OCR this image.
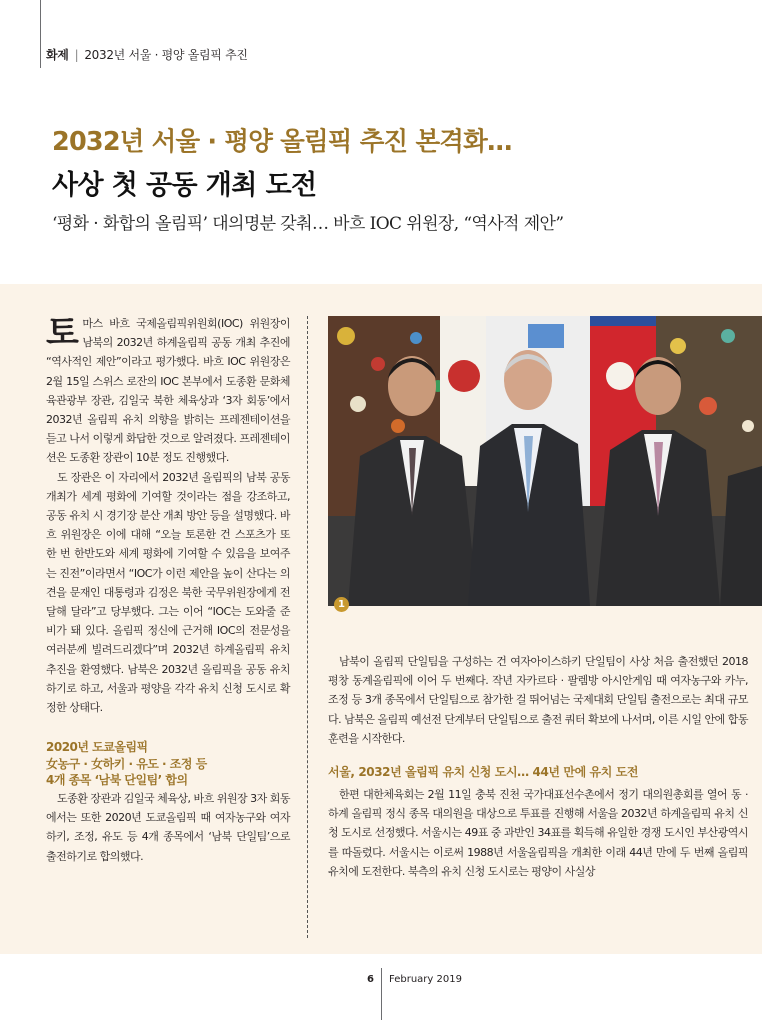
화제 | 2032년 서울 · 평양 올림픽 추진
2032년 서울 · 평양 올림픽 추진 본격화…
사상 첫 공동 개최 도전
‘평화 · 화합의 올림픽’ 대의명분 갖춰… 바흐 IOC 위원장, “역사적 제안”

토마스 바흐 국제올림픽위원회(IOC) 위원장이 남북의 2032년 하계올림픽 공동 개최 추진에 “역사적인 제안”이라고 평가했다. 바흐 IOC 위원장은 2월 15일 스위스 로잔의 IOC 본부에서 도종환 문화체육관광부 장관, 김일국 북한 체육상과 ‘3자 회동’에서 2032년 올림픽 유치 의향을 밝히는 프레젠테이션을 듣고 나서 이렇게 화답한 것으로 알려졌다. 프레젠테이션은 도종환 장관이 10분 정도 진행했다.

도 장관은 이 자리에서 2032년 올림픽의 남북 공동 개최가 세계 평화에 기여할 것이라는 점을 강조하고, 공동 유치 시 경기장 분산 개최 방안 등을 설명했다. 바흐 위원장은 이에 대해 “오늘 토론한 건 스포츠가 또 한 번 한반도와 세계 평화에 기여할 수 있음을 보여주는 진전”이라면서 “IOC가 이런 제안을 높이 산다는 의견을 문재인 대통령과 김정은 북한 국무위원장에게 전달해 달라”고 당부했다. 그는 이어 “IOC는 도와줄 준비가 돼 있다. 올림픽 정신에 근거해 IOC의 전문성을 여러분께 빌려드리겠다”며 2032년 하계올림픽 유치 추진을 환영했다. 남북은 2032년 올림픽을 공동 유치하기로 하고, 서울과 평양을 각각 유치 신청 도시로 확정한 상태다.

2020년 도쿄올림픽
女농구 · 女하키 · 유도 · 조정 등
4개 종목 ‘남북 단일팀’ 합의

도종환 장관과 김일국 체육상, 바흐 위원장 3자 회동에서는 또한 2020년 도쿄올림픽 때 여자농구와 여자하키, 조정, 유도 등 4개 종목에서 ‘남북 단일팀’으로 출전하기로 합의했다.

1

남북이 올림픽 단일팀을 구성하는 건 여자아이스하키 단일팀이 사상 처음 출전했던 2018 평창 동계올림픽에 이어 두 번째다. 작년 자카르타 · 팔렘방 아시안게임 때 여자농구와 카누, 조정 등 3개 종목에서 단일팀으로 참가한 걸 뛰어넘는 국제대회 단일팀 출전으로는 최대 규모다. 남북은 올림픽 예선전 단계부터 단일팀으로 출전 쿼터 확보에 나서며, 이른 시일 안에 합동훈련을 시작한다.

서울, 2032년 올림픽 유치 신청 도시… 44년 만에 유치 도전

한편 대한체육회는 2월 11일 충북 진천 국가대표선수촌에서 정기 대의원총회를 열어 동 · 하계 올림픽 정식 종목 대의원을 대상으로 투표를 진행해 서울을 2032년 하계올림픽 유치 신청 도시로 선정했다. 서울시는 49표 중 과반인 34표를 획득해 유일한 경쟁 도시인 부산광역시를 따돌렸다. 서울시는 이로써 1988년 서울올림픽을 개최한 이래 44년 만에 두 번째 올림픽 유치에 도전한다. 북측의 유치 신청 도시로는 평양이 사실상

6 February 2019
